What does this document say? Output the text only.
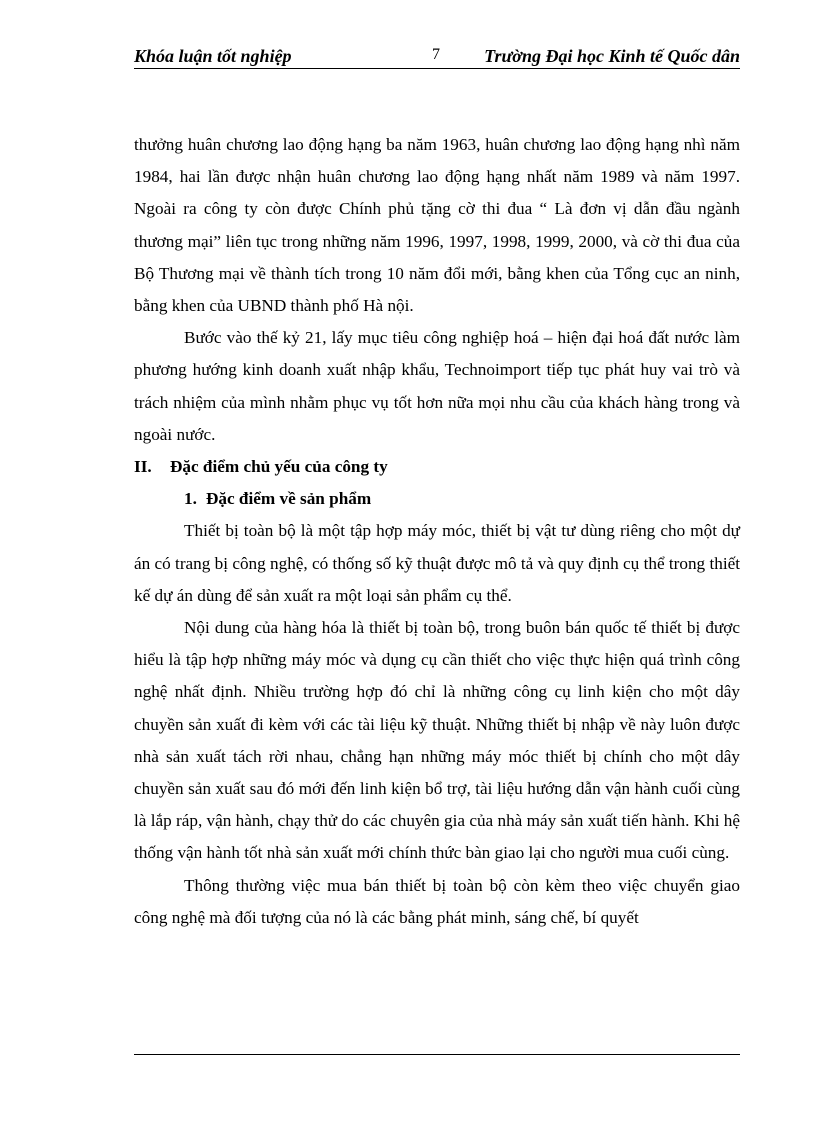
Khóa luận tốt nghiệp	7 Trường Đại học Kinh tế Quốc dân

thưởng huân chương lao động hạng ba năm 1963, huân chương lao động hạng nhì năm 1984, hai lần được nhận huân chương lao động hạng nhất năm 1989 và năm 1997. Ngoài ra công ty còn được Chính phủ tặng cờ thi đua “ Là đơn vị dẫn đầu ngành thương mại” liên tục trong những năm 1996, 1997, 1998, 1999, 2000, và cờ thi đua của Bộ Thương mại về thành tích trong 10 năm đổi mới, bằng khen của Tổng cục an ninh, bằng khen của UBND thành phố Hà nội.

Bước vào thế kỷ 21, lấy mục tiêu công nghiệp hoá – hiện đại hoá đất nước làm phương hướng kinh doanh xuất nhập khẩu, Technoimport tiếp tục phát huy vai trò và trách nhiệm của mình nhằm phục vụ tốt hơn nữa mọi nhu cầu của khách hàng trong và ngoài nước.

II. Đặc điểm chủ yếu của công ty

1. Đặc điểm về sản phẩm

Thiết bị toàn bộ là một tập hợp máy móc, thiết bị vật tư dùng riêng cho một dự án có trang bị công nghệ, có thống số kỹ thuật được mô tả và quy định cụ thể trong thiết kế dự án dùng để sản xuất ra một loại sản phẩm cụ thể.

Nội dung của hàng hóa là thiết bị toàn bộ, trong buôn bán quốc tế thiết bị được hiểu là tập hợp những máy móc và dụng cụ cần thiết cho việc thực hiện quá trình công nghệ nhất định. Nhiều trường hợp đó chỉ là những công cụ linh kiện cho một dây chuyền sản xuất đi kèm với các tài liệu kỹ thuật. Những thiết bị nhập về này luôn được nhà sản xuất tách rời nhau, chẳng hạn những máy móc thiết bị chính cho một dây chuyền sản xuất sau đó mới đến linh kiện bổ trợ, tài liệu hướng dẫn vận hành cuối cùng là lắp ráp, vận hành, chạy thử do các chuyên gia của nhà máy sản xuất tiến hành. Khi hệ thống vận hành tốt nhà sản xuất mới chính thức bàn giao lại cho người mua cuối cùng.

Thông thường việc mua bán thiết bị toàn bộ còn kèm theo việc chuyển giao công nghệ mà đối tượng của nó là các bằng phát minh, sáng chế, bí quyết
